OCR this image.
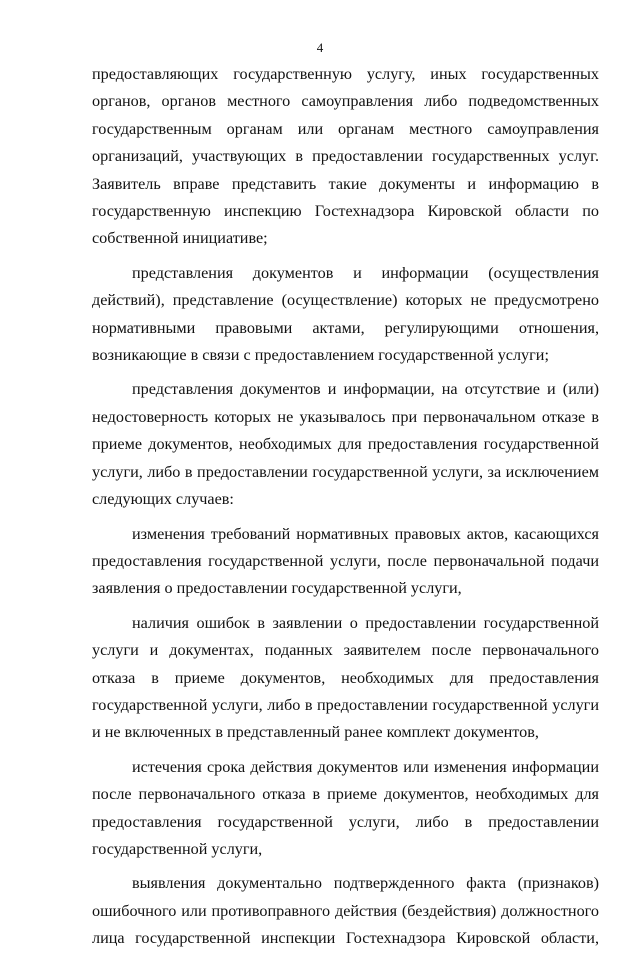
4

предоставляющих государственную услугу, иных государственных органов, органов местного самоуправления либо подведомственных государственным органам или органам местного самоуправления организаций, участвующих в предоставлении государственных услуг. Заявитель вправе представить такие документы и информацию в государственную инспекцию Гостехнадзора Кировской области по собственной инициативе;

представления документов и информации (осуществления действий), представление (осуществление) которых не предусмотрено нормативными правовыми актами, регулирующими отношения, возникающие в связи с предоставлением государственной услуги;

представления документов и информации, на отсутствие и (или) недостоверность которых не указывалось при первоначальном отказе в приеме документов, необходимых для предоставления государственной услуги, либо в предоставлении государственной услуги, за исключением следующих случаев:

изменения требований нормативных правовых актов, касающихся предоставления государственной услуги, после первоначальной подачи заявления о предоставлении государственной услуги,

наличия ошибок в заявлении о предоставлении государственной услуги и документах, поданных заявителем после первоначального отказа в приеме документов, необходимых для предоставления государственной услуги, либо в предоставлении государственной услуги и не включенных в представленный ранее комплект документов,

истечения срока действия документов или изменения информации после первоначального отказа в приеме документов, необходимых для предоставления государственной услуги, либо в предоставлении государственной услуги,

выявления документально подтвержденного факта (признаков) ошибочного или противоправного действия (бездействия) должностного лица государственной инспекции Гостехнадзора Кировской области,
